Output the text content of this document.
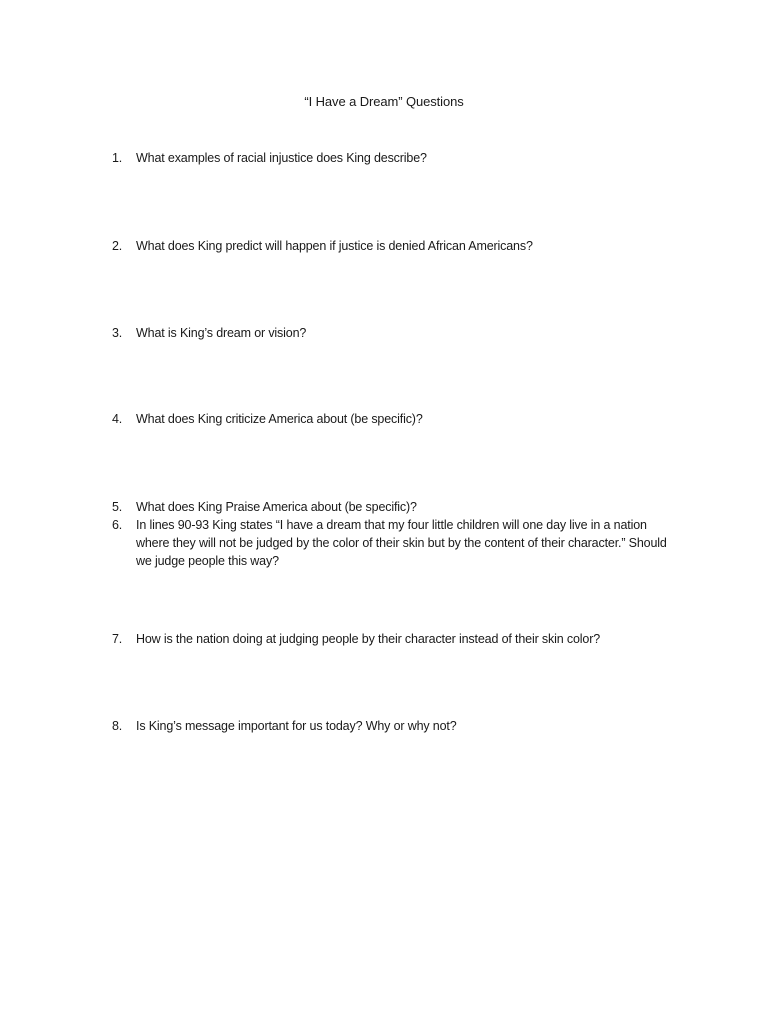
“I Have a Dream” Questions
1. What examples of racial injustice does King describe?
2. What does King predict will happen if justice is denied African Americans?
3. What is King’s dream or vision?
4. What does King criticize America about (be specific)?
5. What does King Praise America about (be specific)?
6. In lines 90-93 King states “I have a dream that my four little children will one day live in a nation where they will not be judged by the color of their skin but by the content of their character.” Should we judge people this way?
7. How is the nation doing at judging people by their character instead of their skin color?
8. Is King’s message important for us today? Why or why not?
